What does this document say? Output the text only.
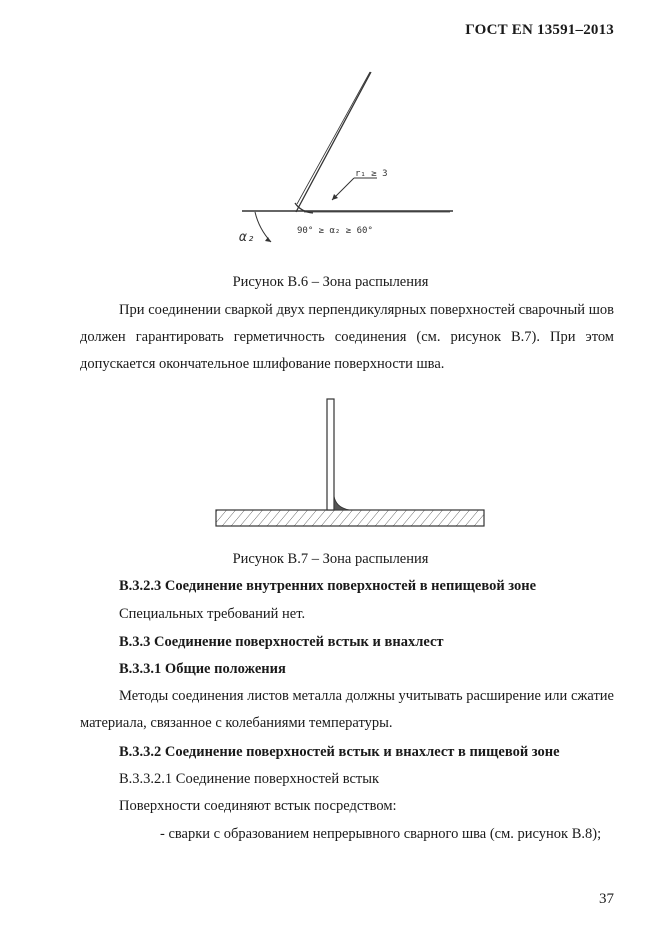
ГОСТ EN 13591–2013
r₁ ≥ 3
90° ≥ α₂ ≥ 60°
α₂
Рисунок В.6 – Зона распыления
При соединении сваркой двух перпендикулярных поверхностей сварочный шов должен гарантировать герметичность соединения (см. рисунок В.7). При этом допускается окончательное шлифование поверхности шва.
Рисунок В.7 – Зона распыления
В.3.2.3 Соединение внутренних поверхностей в непищевой зоне
Специальных требований нет.
В.3.3 Соединение поверхностей встык и внахлест
В.3.3.1 Общие положения
Методы соединения листов металла должны учитывать расширение или сжатие материала, связанное с колебаниями температуры.
В.3.3.2 Соединение поверхностей встык и внахлест в пищевой зоне
В.3.3.2.1 Соединение поверхностей встык
Поверхности соединяют встык посредством:
- сварки с образованием непрерывного сварного шва (см. рисунок В.8);
37
